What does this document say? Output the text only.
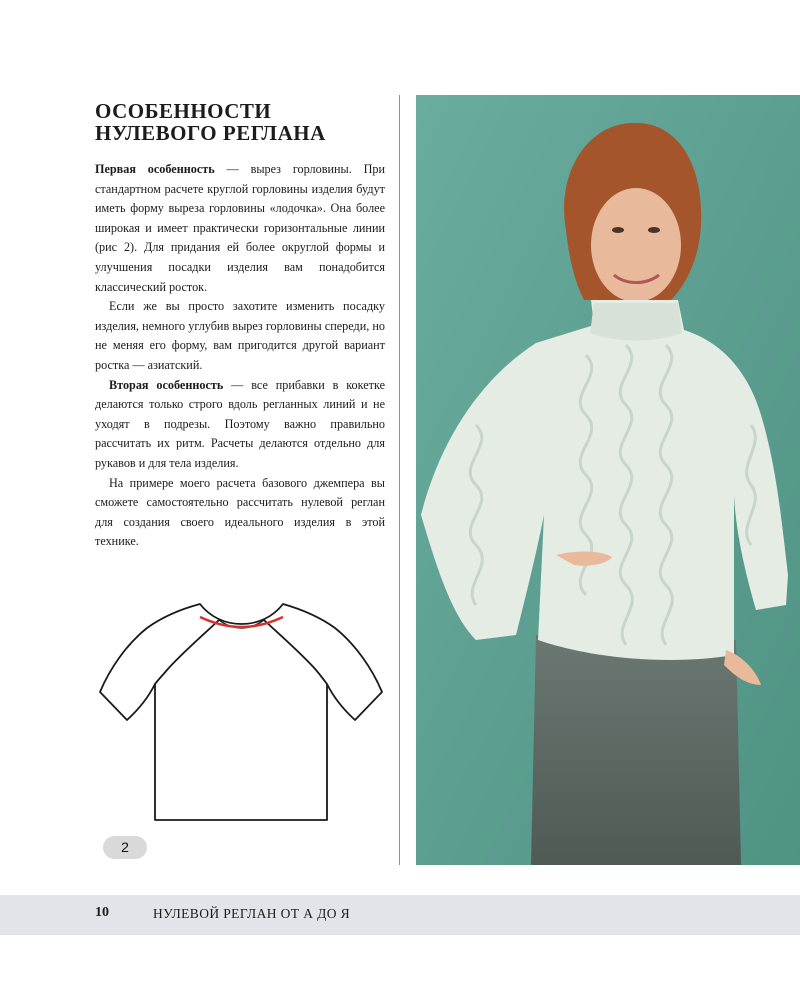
ОСОБЕННОСТИ
НУЛЕВОГО РЕГЛАНА

Первая особенность — вырез горловины. При стандартном расчете круглой горловины изделия будут иметь форму выреза горловины «лодочка». Она более широкая и имеет практически горизонтальные линии (рис 2). Для придания ей более округлой формы и улучшения посадки изделия вам понадобится классический росток.

Если же вы просто захотите изменить посадку изделия, немного углубив вырез горловины спереди, но не меняя его форму, вам пригодится другой вариант ростка — азиатский.

Вторая особенность — все прибавки в кокетке делаются только строго вдоль регланных линий и не уходят в подрезы. Поэтому важно правильно рассчитать их ритм. Расчеты делаются отдельно для рукавов и для тела изделия.

На примере моего расчета базового джемпера вы сможете самостоятельно рассчитать нулевой реглан для создания своего идеального изделия в этой технике.

2
10	НУЛЕВОЙ РЕГЛАН ОТ А ДО Я
